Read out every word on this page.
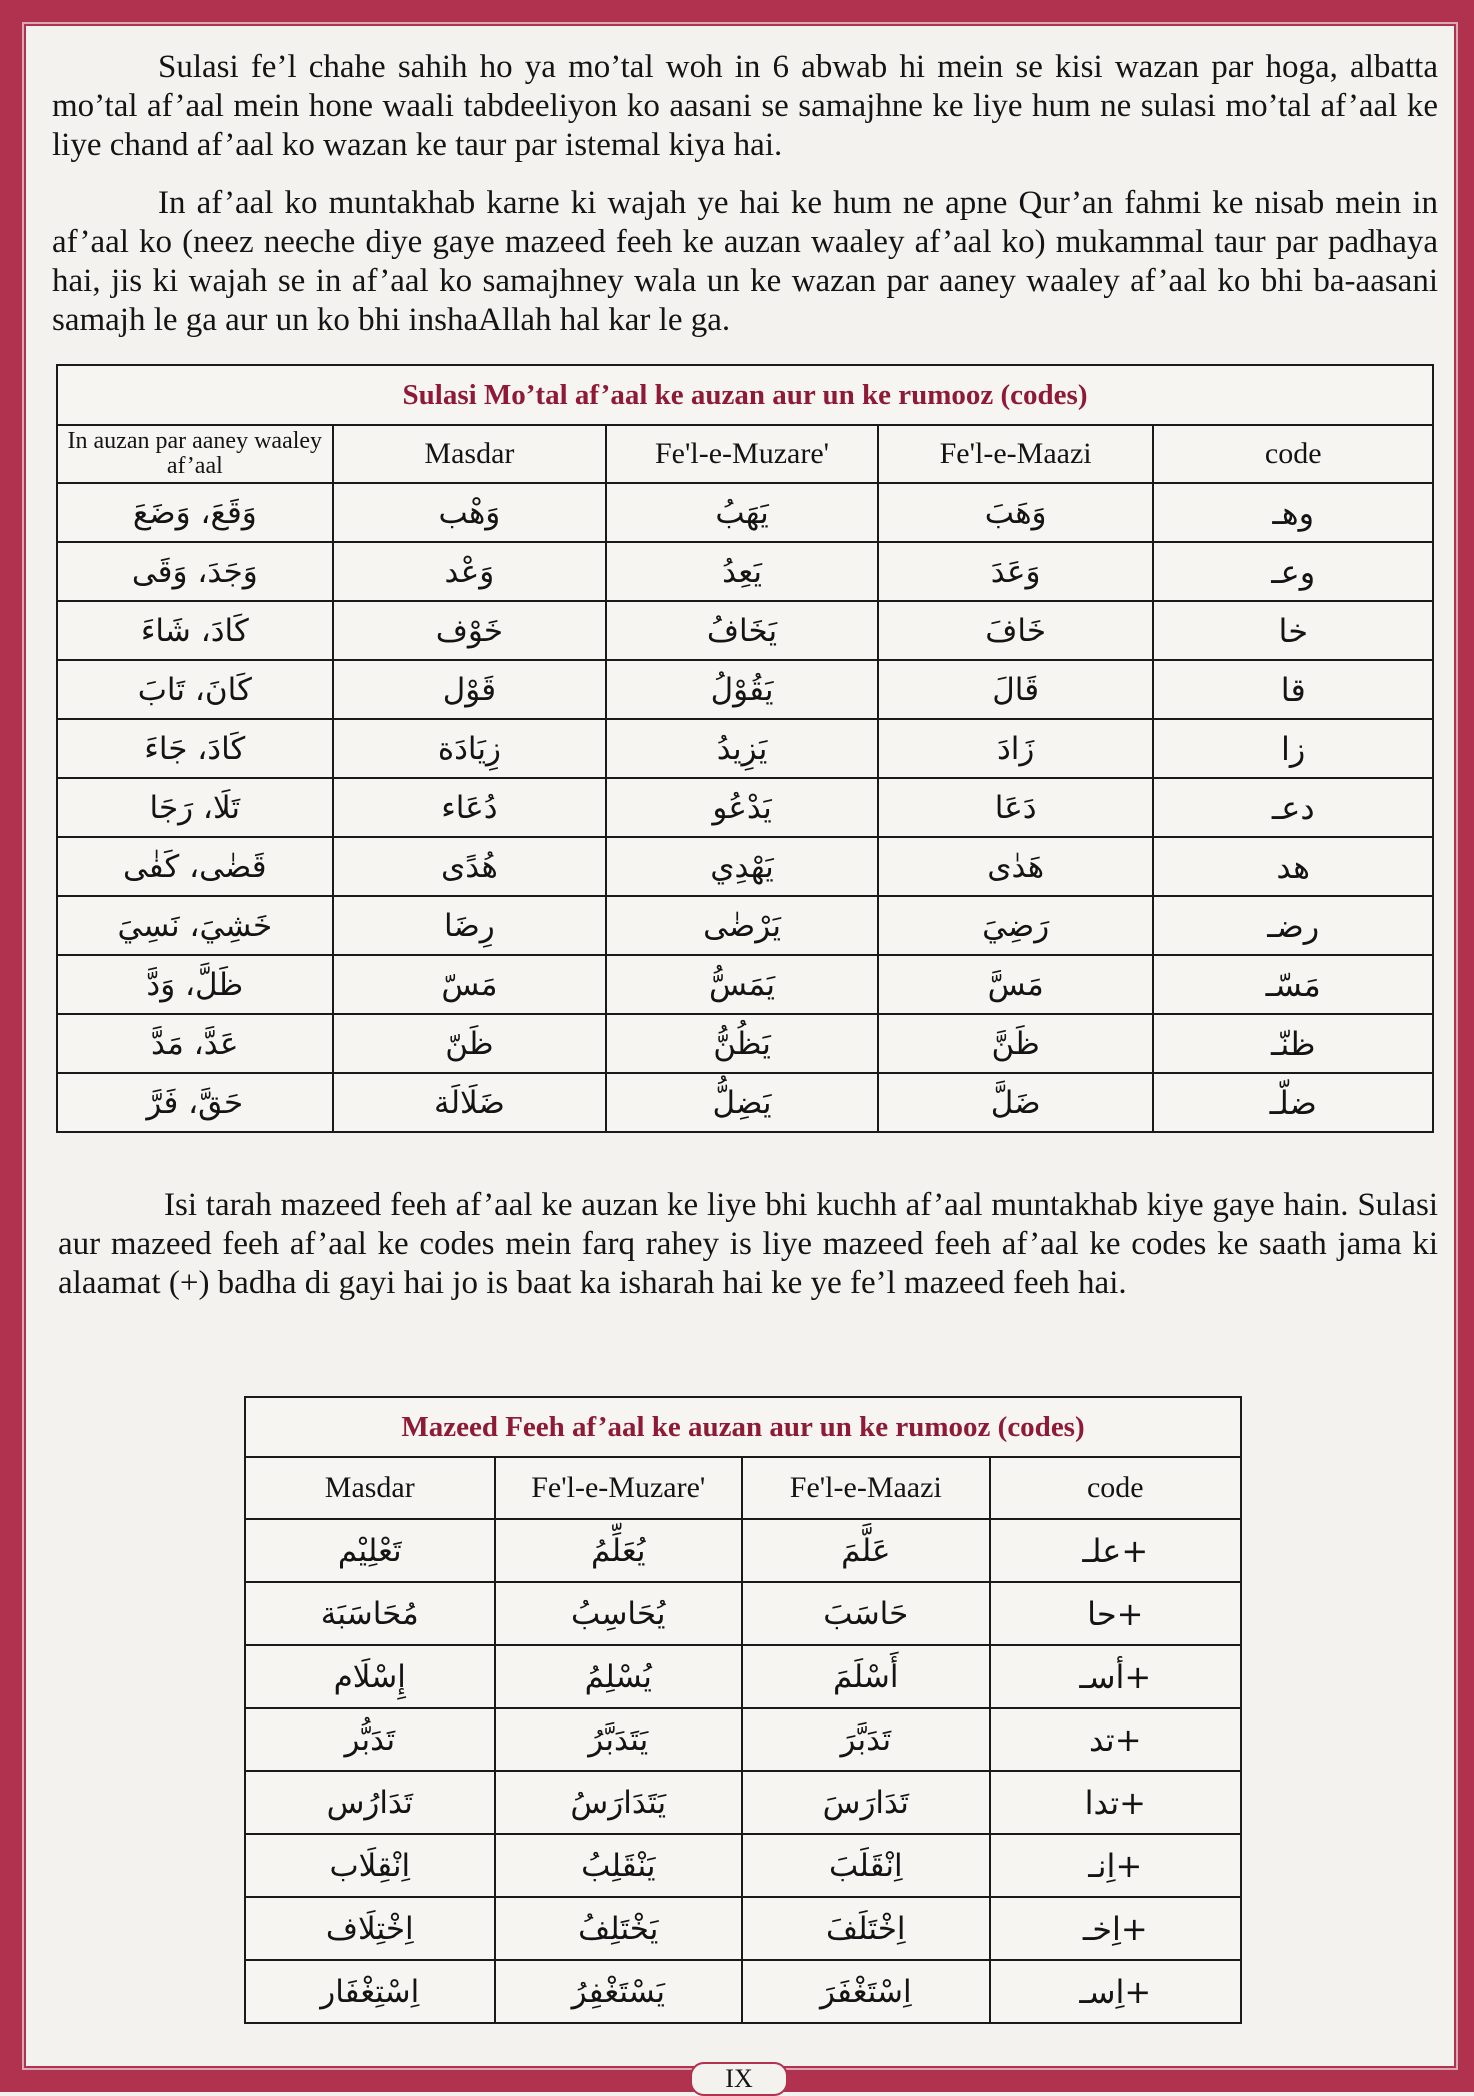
Sulasi fe’l chahe sahih ho ya mo’tal woh in 6 abwab hi mein se kisi wazan par hoga, albatta mo’tal af’aal mein hone waali tabdeeliyon ko aasani se samajhne ke liye hum ne sulasi mo’tal af’aal ke liye chand af’aal ko wazan ke taur par istemal kiya hai.

In af’aal ko muntakhab karne ki wajah ye hai ke hum ne apne Qur’an fahmi ke nisab mein in af’aal ko (neez neeche diye gaye mazeed feeh ke auzan waaley af’aal ko) mukammal taur par padhaya hai, jis ki wajah se in af’aal ko samajhney wala un ke wazan par aaney waaley af’aal ko bhi ba-aasani samajh le ga aur un ko bhi inshaAllah hal kar le ga.

Isi tarah mazeed feeh af’aal ke auzan ke liye bhi kuchh af’aal muntakhab kiye gaye hain. Sulasi aur mazeed feeh af’aal ke codes mein farq rahey is liye mazeed feeh af’aal ke codes ke saath jama ki alaamat (+) badha di gayi hai jo is baat ka isharah hai ke ye fe’l mazeed feeh hai.

Sulasi Mo’tal af’aal ke auzan aur un ke rumooz (codes)				
In auzan par aaney waaley af’aal	Masdar	Fe'l-e-Muzare'	Fe'l-e-Maazi	code
وَقَعَ، وَضَعَ	وَهْب	يَهَبُ	وَهَبَ	وهـ
وَجَدَ، وَقَى	وَعْد	يَعِدُ	وَعَدَ	وعـ
كَادَ، شَاءَ	خَوْف	يَخَافُ	خَافَ	خا
كَانَ، تَابَ	قَوْل	يَقُوْلُ	قَالَ	قا
كَادَ، جَاءَ	زِيَادَة	يَزِيدُ	زَادَ	زا
تَلَا، رَجَا	دُعَاء	يَدْعُو	دَعَا	دعـ
قَضٰى، كَفٰى	هُدًى	يَهْدِي	هَدٰى	هد
خَشِيَ، نَسِيَ	رِضَا	يَرْضٰى	رَضِيَ	رضـ
ظَلَّ، وَدَّ	مَسّ	يَمَسُّ	مَسَّ	مَسّـ
عَدَّ، مَدَّ	ظَنّ	يَظُنُّ	ظَنَّ	ظنّـ
حَقَّ، فَرَّ	ضَلَالَة	يَضِلُّ	ضَلَّ	ضلّـ
Mazeed Feeh af’aal ke auzan aur un ke rumooz (codes)			
Masdar	Fe'l-e-Muzare'	Fe'l-e-Maazi	code
تَعْلِيْم	يُعَلِّمُ	عَلَّمَ	+علـ
مُحَاسَبَة	يُحَاسِبُ	حَاسَبَ	+حا
إِسْلَام	يُسْلِمُ	أَسْلَمَ	+أسـ
تَدَبُّر	يَتَدَبَّرُ	تَدَبَّرَ	+تد
تَدَارُس	يَتَدَارَسُ	تَدَارَسَ	+تدا
اِنْقِلَاب	يَنْقَلِبُ	اِنْقَلَبَ	+اِنـ
اِخْتِلَاف	يَخْتَلِفُ	اِخْتَلَفَ	+اِخـ
اِسْتِغْفَار	يَسْتَغْفِرُ	اِسْتَغْفَرَ	+اِسـ
IX
